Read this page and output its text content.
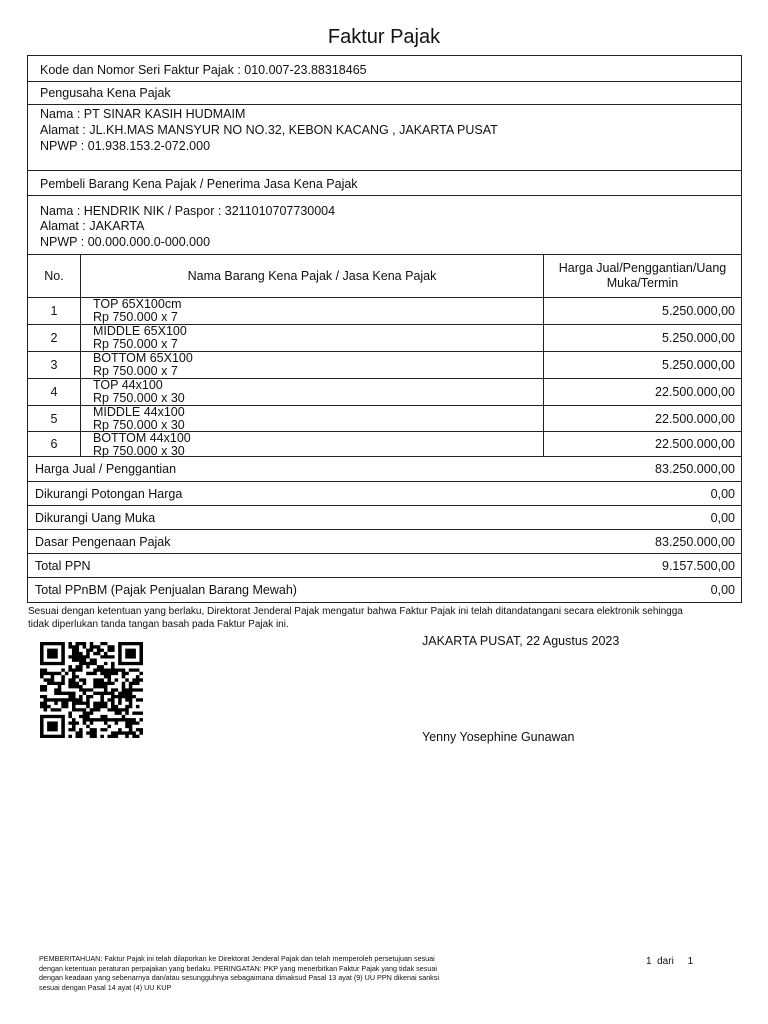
Faktur Pajak
Kode dan Nomor Seri Faktur Pajak : 010.007-23.88318465
Pengusaha Kena Pajak
Nama : PT SINAR KASIH HUDMAIM
Alamat : JL.KH.MAS MANSYUR NO NO.32, KEBON KACANG , JAKARTA PUSAT
NPWP : 01.938.153.2-072.000
Pembeli Barang Kena Pajak / Penerima Jasa Kena Pajak
Nama : HENDRIK NIK / Paspor : 3211010707730004
Alamat : JAKARTA
NPWP : 00.000.000.0-000.000
No.	Nama Barang Kena Pajak / Jasa Kena Pajak
Harga Jual/Penggantian/Uang
Muka/Termin
1	TOP 65X100cm
Rp 750.000 x 7	5.250.000,00
2	MIDDLE 65X100
Rp 750.000 x 7	5.250.000,00
3	BOTTOM 65X100
Rp 750.000 x 7	5.250.000,00
4	TOP 44x100
Rp 750.000 x 30	22.500.000,00
5	MIDDLE 44x100
Rp 750.000 x 30	22.500.000,00
6	BOTTOM 44x100
Rp 750.000 x 30	22.500.000,00
Harga Jual / Penggantian	83.250.000,00
Dikurangi Potongan Harga	0,00
Dikurangi Uang Muka	0,00
Dasar Pengenaan Pajak	83.250.000,00
Total PPN	9.157.500,00
Total PPnBM (Pajak Penjualan Barang Mewah)	0,00
Sesuai dengan ketentuan yang berlaku, Direktorat Jenderal Pajak mengatur bahwa Faktur Pajak ini telah ditandatangani secara elektronik sehingga
tidak diperlukan tanda tangan basah pada Faktur Pajak ini.
JAKARTA PUSAT, 22 Agustus 2023
Yenny Yosephine Gunawan
PEMBERITAHUAN: Faktur Pajak ini telah dilaporkan ke Direktorat Jenderal Pajak dan telah memperoleh persetujuan sesuai
dengan ketentuan peraturan perpajakan yang berlaku. PERINGATAN: PKP yang menerbitkan Faktur Pajak yang tidak sesuai
dengan keadaan yang sebenarnya dan/atau sesungguhnya sebagaimana dimaksud Pasal 13 ayat (9) UU PPN dikenai sanksi
sesuai dengan Pasal 14 ayat (4) UU KUP
1  dari     1
